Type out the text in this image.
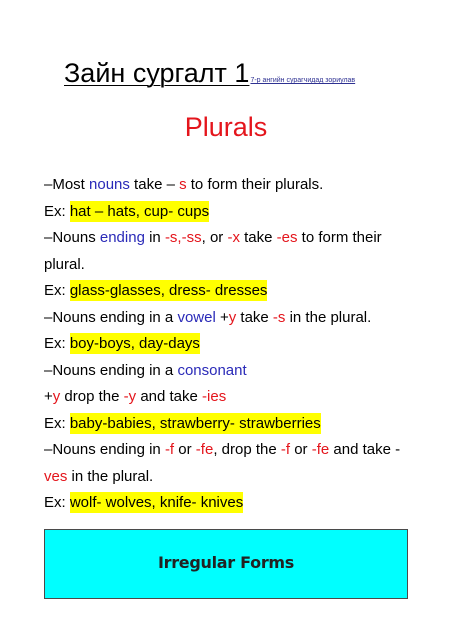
Зайн сургалт 17-р ангийн сурагчидад зориулав
Plurals
–Most nouns take – s to form their plurals.
Ex: hat – hats, cup- cups
–Nouns ending in -s,-ss, or -x take -es to form their
plural.
Ex: glass-glasses, dress- dresses
–Nouns ending in a vowel +y take -s in the plural.
Ex: boy-boys, day-days
–Nouns ending in a consonant
+y drop the -y and take -ies
Ex: baby-babies, strawberry- strawberries
–Nouns ending in -f or -fe, drop the -f or -fe and take -
ves in the plural.
Ex: wolf- wolves, knife- knives
Irregular Forms
